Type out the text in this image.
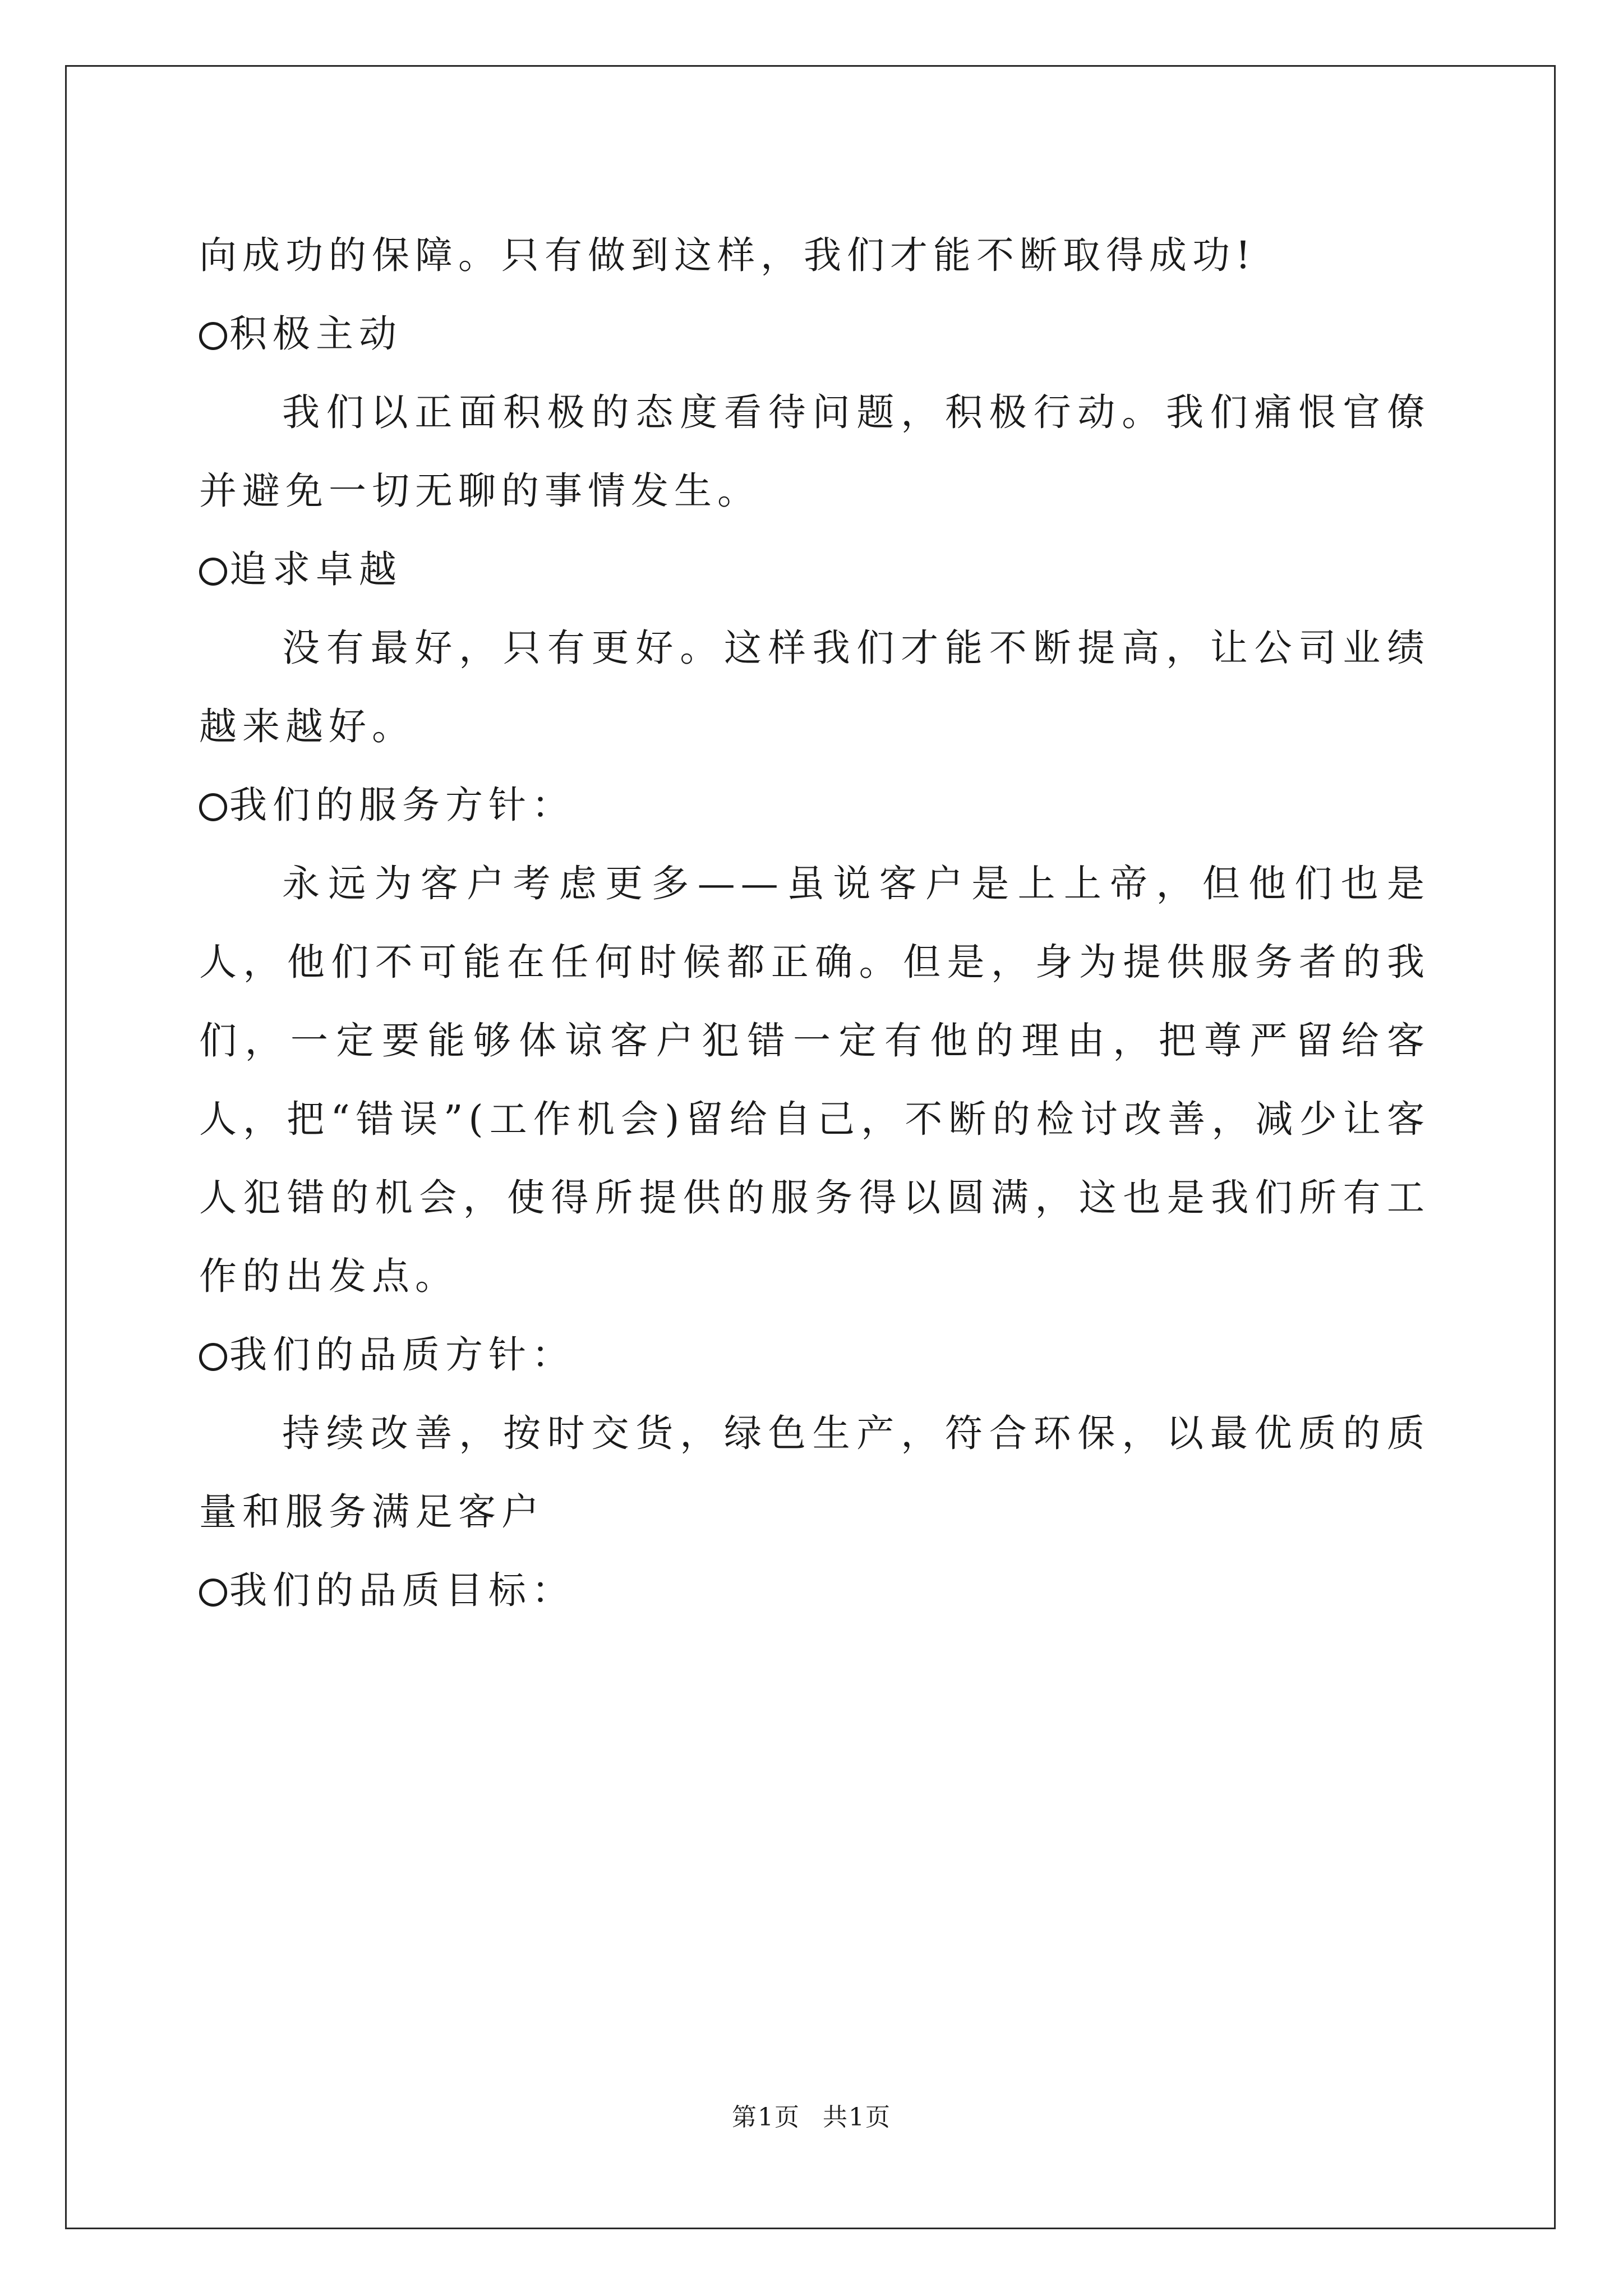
向成功的保障。只有做到这样，我们才能不断取得成功!

积极主动

我们以正面积极的态度看待问题，积极行动。我们痛恨官僚并避免一切无聊的事情发生。

追求卓越

没有最好，只有更好。这样我们才能不断提高，让公司业绩越来越好。

我们的服务方针：

永远为客户考虑更多——虽说客户是上上帝，但他们也是人，他们不可能在任何时候都正确。但是，身为提供服务者的我们，一定要能够体谅客户犯错一定有他的理由，把尊严留给客人，把“错误”(工作机会)留给自己，不断的检讨改善，减少让客人犯错的机会，使得所提供的服务得以圆满，这也是我们所有工作的出发点。

我们的品质方针：

持续改善，按时交货，绿色生产，符合环保，以最优质的质量和服务满足客户

我们的品质目标：

第1页 共1页
